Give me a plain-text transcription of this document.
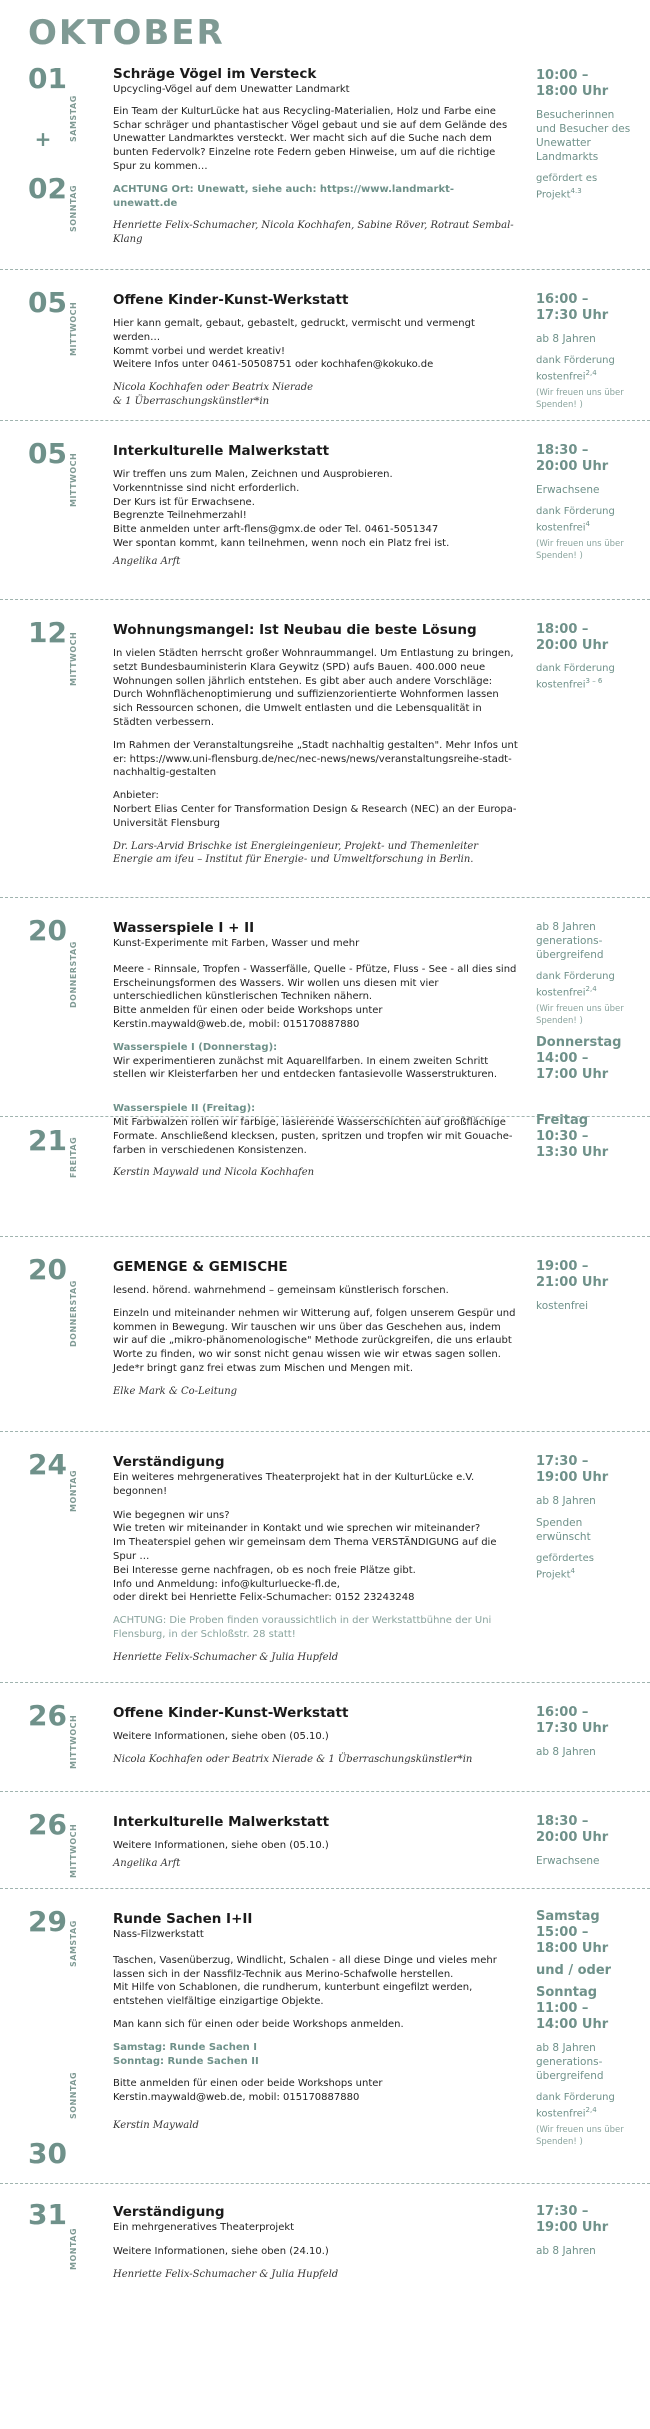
OKTOBER
01
SAMSTAG
+
02 SONNTAG
Schräge Vögel im Versteck
Upcycling-Vögel auf dem Unewatter Landmarkt

Ein Team der KulturLücke hat aus Recycling-Materialien, Holz und Farbe eine Schar schräger und phantastischer Vögel gebaut und sie auf dem Gelände des Unewatter Landmarktes versteckt. Wer macht sich auf die Suche nach dem bunten Federvolk? Einzelne rote Federn geben Hinweise, um auf die richtige Spur zu kommen…

ACHTUNG Ort: Unewatt, siehe auch: https://www.landmarkt-unewatt.de

Henriette Felix-Schumacher, Nicola Kochhafen, Sabine Röver, Rotraut Sembal-Klang
10:00 –
18:00 Uhr
Besucherinnen und Besucher des Unewatter Landmarkts
gefördert es Projekt$^{4.3}$
05 MITTWOCH
Offene Kinder-Kunst-Werkstatt

Hier kann gemalt, gebaut, gebastelt, gedruckt, vermischt und vermengt werden…
Kommt vorbei und werdet kreativ!
Weitere Infos unter 0461-50508751 oder kochhafen@kokuko.de

Nicola Kochhafen oder Beatrix Nierade
& 1 Überraschungskünstler*in
16:00 –
17:30 Uhr
ab 8 Jahren
dank Förderung kostenfrei$^{2,4}$
(Wir freuen uns über Spenden! )
05 MITTWOCH
Interkulturelle Malwerkstatt

Wir treffen uns zum Malen, Zeichnen und Ausprobieren.
Vorkenntnisse sind nicht erforderlich.
Der Kurs ist für Erwachsene.
Begrenzte Teilnehmerzahl!
Bitte anmelden unter arft-flens@gmx.de oder Tel. 0461-5051347
Wer spontan kommt, kann teilnehmen, wenn noch ein Platz frei ist.

Angelika Arft
18:30 –
20:00 Uhr
Erwachsene
dank Förderung kostenfrei$^4$
(Wir freuen uns über Spenden! )
12 MITTWOCH
Wohnungsmangel: Ist Neubau die beste Lösung

In vielen Städten herrscht großer Wohnraummangel. Um Entlastung zu bringen, setzt Bundesbauministerin Klara Geywitz (SPD) aufs Bauen. 400.000 neue Wohnungen sollen jährlich entstehen. Es gibt aber auch andere Vorschläge: Durch Wohnflächenoptimierung und suffizienzorientierte Wohnformen lassen sich Ressourcen schonen, die Umwelt entlasten und die Lebensqualität in Städten verbessern.

Im Rahmen der Veranstaltungsreihe „Stadt nachhaltig gestalten". Mehr Infos unter: https://www.uni-flensburg.de/nec/nec-news/news/veranstaltungsreihe-stadt-nachhaltig-gestalten

Anbieter:
Norbert Elias Center for Transformation Design & Research (NEC) an der Europa-Universität Flensburg

Dr. Lars-Arvid Brischke ist Energieingenieur, Projekt- und Themenleiter Energie am ifeu – Institut für Energie- und Umweltforschung in Berlin.
18:00 –
20:00 Uhr
dank Förderung kostenfrei$^{3 - 6}$
20
DONNERSTAG
21 FREITAG
Wasserspiele I + II
Kunst-Experimente mit Farben, Wasser und mehr

Meere - Rinnsale, Tropfen - Wasserfälle, Quelle - Pfütze, Fluss - See - all dies sind Erscheinungsformen des Wassers. Wir wollen uns diesen mit vier unterschiedlichen künstlerischen Techniken nähern.
Bitte anmelden für einen oder beide Workshops unter
Kerstin.maywald@web.de, mobil: 015170887880

Wasserspiele I (Donnerstag):

Wir experimentieren zunächst mit Aquarellfarben. In einem zweiten Schritt stellen wir Kleisterfarben her und entdecken fantasievolle Wasserstrukturen.

Wasserspiele II (Freitag):

Mit Farbwalzen rollen wir farbige, lasierende Wasserschichten auf großflächige Formate. Anschließend klecksen, pusten, spritzen und tropfen wir mit Gouache-farben in verschiedenen Konsistenzen.

Kerstin Maywald und Nicola Kochhafen
ab 8 Jahren generations-übergreifend
dank Förderung kostenfrei$^{2,4}$
(Wir freuen uns über Spenden! )
Donnerstag
14:00 –
17:00 Uhr
Freitag
10:30 –
13:30 Uhr
20
DONNERSTAG
GEMENGE & GEMISCHE

lesend. hörend. wahrnehmend – gemeinsam künstlerisch forschen.

Einzeln und miteinander nehmen wir Witterung auf, folgen unserem Gespür und kommen in Bewegung. Wir tauschen wir uns über das Geschehen aus, indem wir auf die „mikro-phänomenologische" Methode zurückgreifen, die uns erlaubt Worte zu finden, wo wir sonst nicht genau wissen wie wir etwas sagen sollen.
Jede*r bringt ganz frei etwas zum Mischen und Mengen mit.

Elke Mark & Co-Leitung
19:00 –
21:00 Uhr
kostenfrei
24
MONTAG
Verständigung
Ein weiteres mehrgeneratives Theaterprojekt hat in der KulturLücke e.V. begonnen!

Wie begegnen wir uns?
Wie treten wir miteinander in Kontakt und wie sprechen wir miteinander?
Im Theaterspiel gehen wir gemeinsam dem Thema VERSTÄNDIGUNG auf die Spur …
Bei Interesse gerne nachfragen, ob es noch freie Plätze gibt.
Info und Anmeldung: info@kulturluecke-fl.de,
oder direkt bei Henriette Felix-Schumacher: 0152 23243248

ACHTUNG: Die Proben finden voraussichtlich in der Werkstattbühne der Uni Flensburg, in der Schloßstr. 28 statt!

Henriette Felix-Schumacher & Julia Hupfeld
17:30 –
19:00 Uhr
ab 8 Jahren
Spenden erwünscht
gefördertes Projekt$^4$
26 MITTWOCH
Offene Kinder-Kunst-Werkstatt

Weitere Informationen, siehe oben (05.10.)

Nicola Kochhafen oder Beatrix Nierade & 1 Überraschungskünstler*in
16:00 –
17:30 Uhr
ab 8 Jahren
26 MITTWOCH
Interkulturelle Malwerkstatt

Weitere Informationen, siehe oben (05.10.)

Angelika Arft
18:30 –
20:00 Uhr
Erwachsene
29 SAMSTAG
SONNTAG
30
Runde Sachen I+II
Nass-Filzwerkstatt

Taschen, Vasenüberzug, Windlicht, Schalen - all diese Dinge und vieles mehr lassen sich in der Nassfilz-Technik aus Merino-Schafwolle herstellen.
Mit Hilfe von Schablonen, die rundherum, kunterbunt eingefilzt werden, entstehen vielfältige einzigartige Objekte.

Man kann sich für einen oder beide Workshops anmelden.

Samstag: Runde Sachen I
Sonntag: Runde Sachen II

Bitte anmelden für einen oder beide Workshops unter
Kerstin.maywald@web.de, mobil: 015170887880

Kerstin Maywald
Samstag
15:00 –
18:00 Uhr
und / oder
Sonntag
11:00 –
14:00 Uhr
ab 8 Jahren generations-übergreifend
dank Förderung kostenfrei$^{2,4}$
(Wir freuen uns über Spenden! )
31
MONTAG
Verständigung
Ein mehrgeneratives Theaterprojekt

Weitere Informationen, siehe oben (24.10.)

Henriette Felix-Schumacher & Julia Hupfeld
17:30 –
19:00 Uhr
ab 8 Jahren
